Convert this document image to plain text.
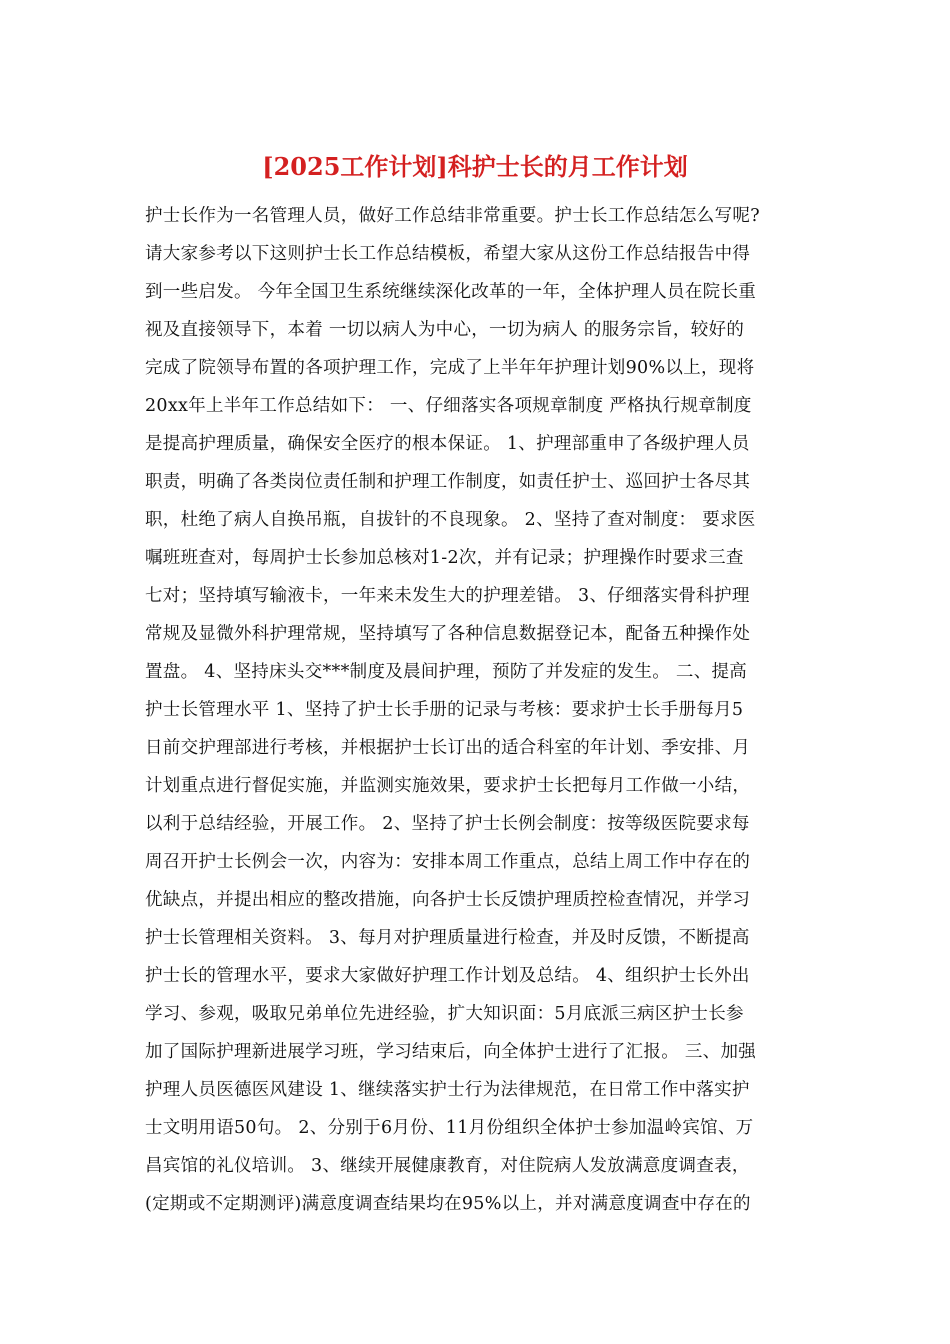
[2025工作计划]科护士长的月工作计划
护士长作为一名管理人员，做好工作总结非常重要。护士长工作总结怎么写呢?
请大家参考以下这则护士长工作总结模板，希望大家从这份工作总结报告中得
到一些启发。 今年全国卫生系统继续深化改革的一年，全体护理人员在院长重
视及直接领导下，本着 一切以病人为中心，一切为病人 的服务宗旨，较好的
完成了院领导布置的各项护理工作，完成了上半年年护理计划90%以上，现将
20xx年上半年工作总结如下： 一、仔细落实各项规章制度 严格执行规章制度
是提高护理质量，确保安全医疗的根本保证。 1、护理部重申了各级护理人员
职责，明确了各类岗位责任制和护理工作制度，如责任护士、巡回护士各尽其
职，杜绝了病人自换吊瓶，自拔针的不良现象。 2、坚持了查对制度： 要求医
嘱班班查对，每周护士长参加总核对1-2次，并有记录；护理操作时要求三查
七对；坚持填写输液卡，一年来未发生大的护理差错。 3、仔细落实骨科护理
常规及显微外科护理常规，坚持填写了各种信息数据登记本，配备五种操作处
置盘。 4、坚持床头交***制度及晨间护理，预防了并发症的发生。 二、提高
护士长管理水平 1、坚持了护士长手册的记录与考核：要求护士长手册每月5
日前交护理部进行考核，并根据护士长订出的适合科室的年计划、季安排、月
计划重点进行督促实施，并监测实施效果，要求护士长把每月工作做一小结，
以利于总结经验，开展工作。 2、坚持了护士长例会制度：按等级医院要求每
周召开护士长例会一次，内容为：安排本周工作重点，总结上周工作中存在的
优缺点，并提出相应的整改措施，向各护士长反馈护理质控检查情况，并学习
护士长管理相关资料。 3、每月对护理质量进行检查，并及时反馈，不断提高
护士长的管理水平，要求大家做好护理工作计划及总结。 4、组织护士长外出
学习、参观，吸取兄弟单位先进经验，扩大知识面：5月底派三病区护士长参
加了国际护理新进展学习班，学习结束后，向全体护士进行了汇报。 三、加强
护理人员医德医风建设 1、继续落实护士行为法律规范，在日常工作中落实护
士文明用语50句。 2、分别于6月份、11月份组织全体护士参加温岭宾馆、万
昌宾馆的礼仪培训。 3、继续开展健康教育，对住院病人发放满意度调查表，
(定期或不定期测评)满意度调查结果均在95%以上，并对满意度调查中存在的
